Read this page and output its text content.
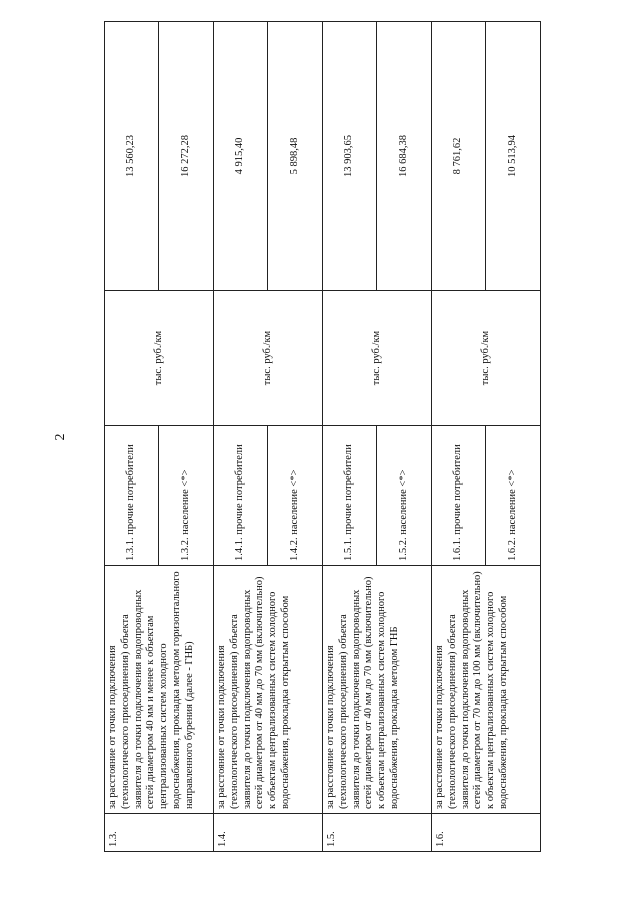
2
1.3.	за расстояние от точки подключения (технологического присоединения) объекта заявителя до точки подключения водопроводных сетей диаметром 40 мм и менее к объектам централизованных систем холодного водоснабжения, прокладка методом горизонтального направленного бурения (далее - ГНБ)	1.3.1. прочие потребители	тыс. руб./км	13 560,23
		1.3.2. население <*>		16 272,28
1.4.	за расстояние от точки подключения (технологического присоединения) объекта заявителя до точки подключения водопроводных сетей диаметром от 40 мм до 70 мм (включительно) к объектам централизованных систем холодного водоснабжения, прокладка открытым способом	1.4.1. прочие потребители	тыс. руб./км	4 915,40
		1.4.2. население <*>		5 898,48
1.5.	за расстояние от точки подключения (технологического присоединения) объекта заявителя до точки подключения водопроводных сетей диаметром от 40 мм до 70 мм (включительно) к объектам централизованных систем холодного водоснабжения, прокладка методом ГНБ	1.5.1. прочие потребители	тыс. руб./км	13 903,65
		1.5.2. население <*>		16 684,38
1.6.	за расстояние от точки подключения (технологического присоединения) объекта заявителя до точки подключения водопроводных сетей диаметром от 70 мм до 100 мм (включительно) к объектам централизованных систем холодного водоснабжения, прокладка открытым способом	1.6.1. прочие потребители	тыс. руб./км	8 761,62
		1.6.2. население <*>		10 513,94
